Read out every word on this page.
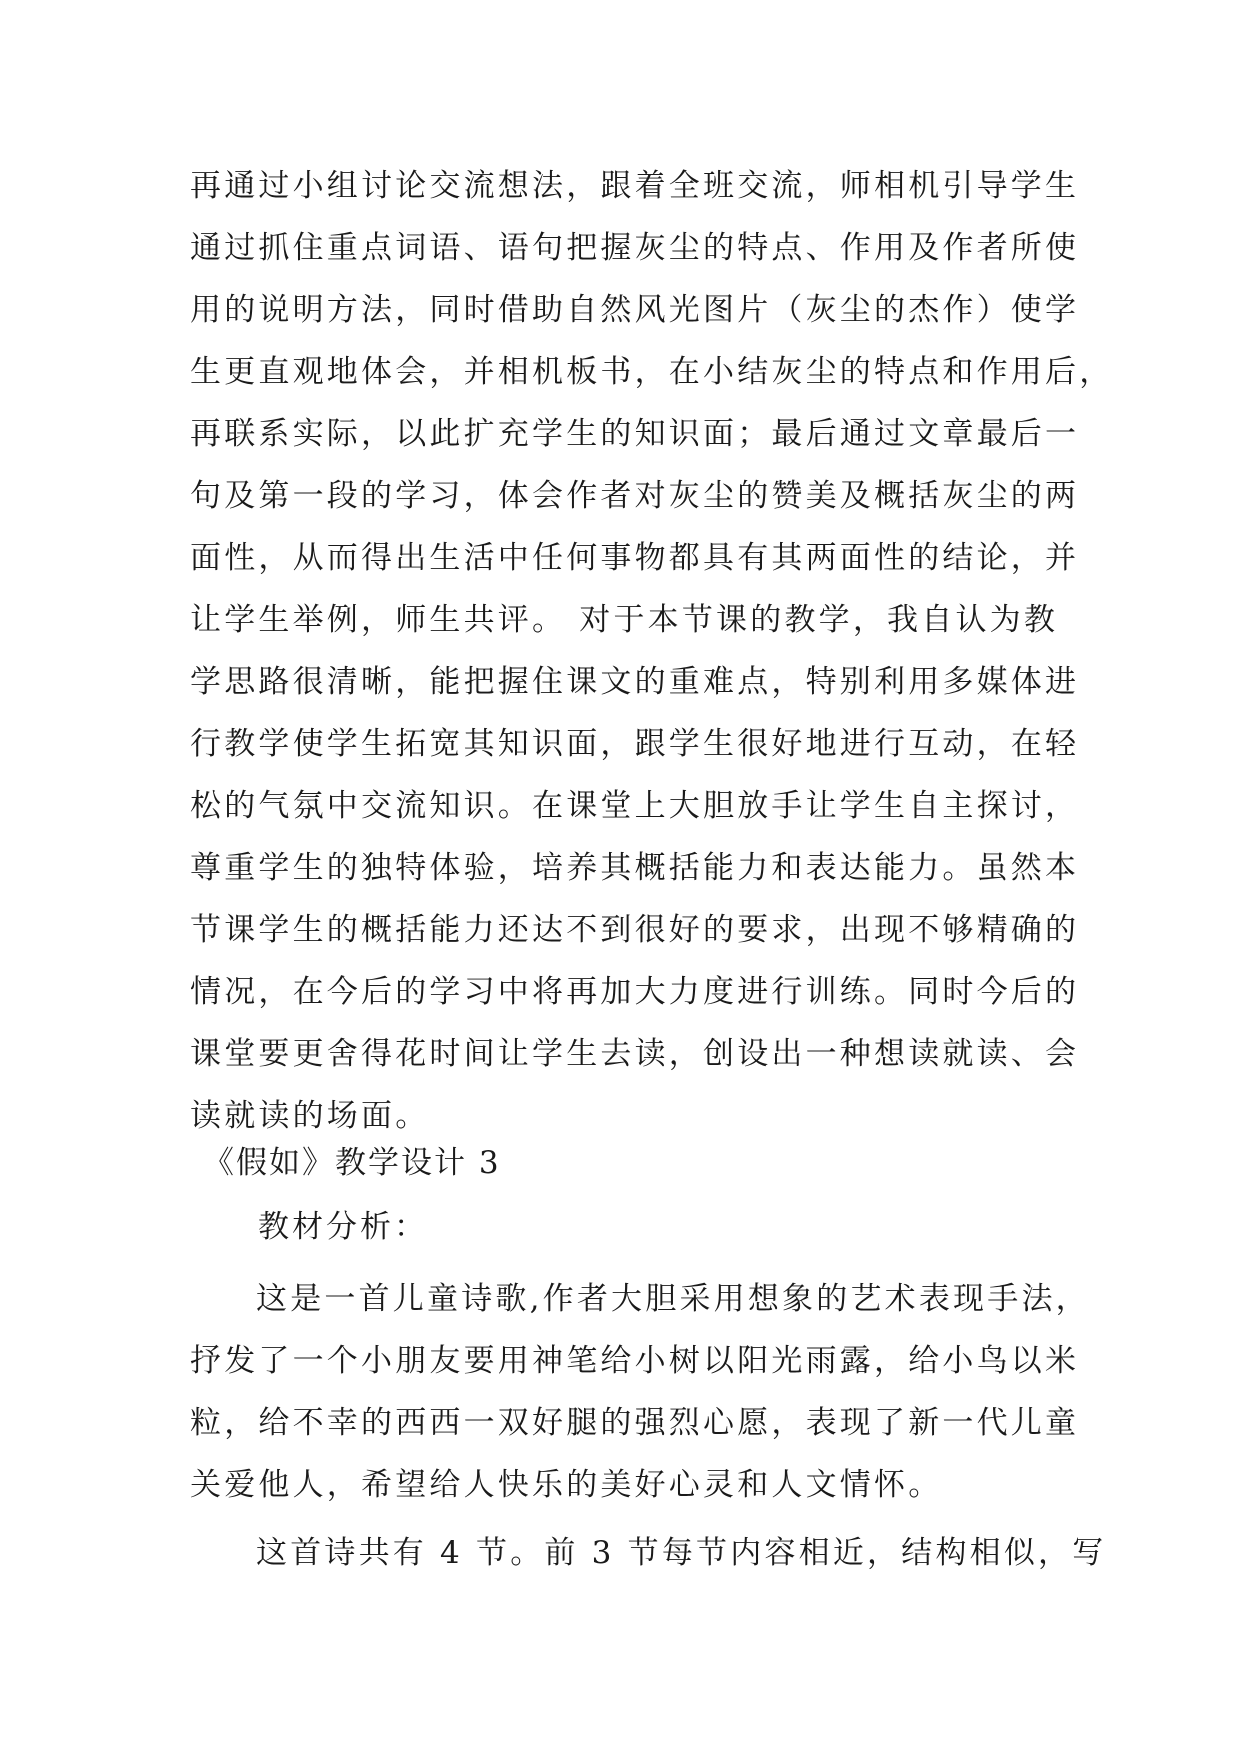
再通过小组讨论交流想法，跟着全班交流，师相机引导学生
通过抓住重点词语、语句把握灰尘的特点、作用及作者所使
用的说明方法，同时借助自然风光图片（灰尘的杰作）使学
生更直观地体会，并相机板书，在小结灰尘的特点和作用后，
再联系实际，以此扩充学生的知识面；最后通过文章最后一
句及第一段的学习，体会作者对灰尘的赞美及概括灰尘的两
面性，从而得出生活中任何事物都具有其两面性的结论，并
让学生举例，师生共评。 对于本节课的教学，我自认为教
学思路很清晰，能把握住课文的重难点，特别利用多媒体进
行教学使学生拓宽其知识面，跟学生很好地进行互动，在轻
松的气氛中交流知识。在课堂上大胆放手让学生自主探讨，
尊重学生的独特体验，培养其概括能力和表达能力。虽然本
节课学生的概括能力还达不到很好的要求，出现不够精确的
情况，在今后的学习中将再加大力度进行训练。同时今后的
课堂要更舍得花时间让学生去读，创设出一种想读就读、会
读就读的场面。
《假如》教学设计 3
教材分析：
这是一首儿童诗歌,作者大胆采用想象的艺术表现手法，
抒发了一个小朋友要用神笔给小树以阳光雨露，给小鸟以米
粒，给不幸的西西一双好腿的强烈心愿，表现了新一代儿童
关爱他人，希望给人快乐的美好心灵和人文情怀。
这首诗共有 4 节。前 3 节每节内容相近，结构相似，写
